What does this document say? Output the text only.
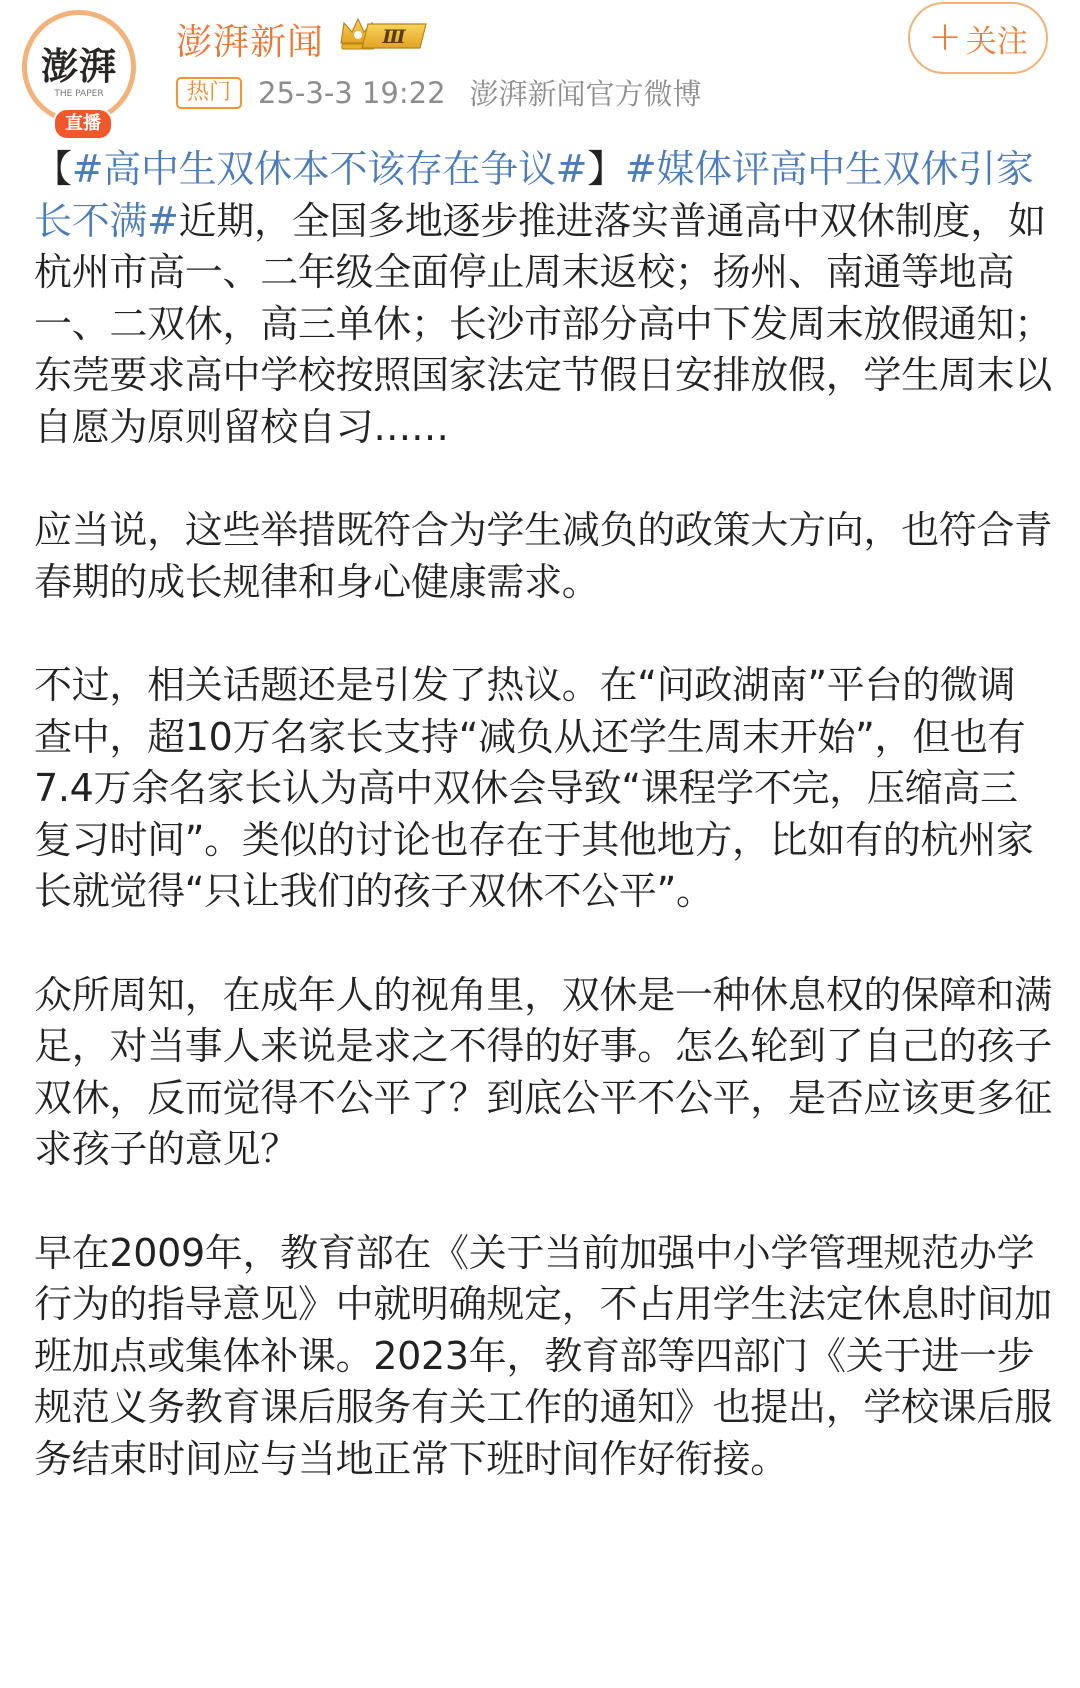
澎湃
THE PAPER
直播
澎湃新闻	Ⅲ
热门 25-3-3 19:22 澎湃新闻官方微博
+ 关注

【#高中生双休本不该存在争议#】#媒体评高中生双休引家长不满#近期，全国多地逐步推进落实普通高中双休制度，如杭州市高一、二年级全面停止周末返校；扬州、南通等地高一、二双休，高三单休；长沙市部分高中下发周末放假通知；东莞要求高中学校按照国家法定节假日安排放假，学生周末以自愿为原则留校自习……

应当说，这些举措既符合为学生减负的政策大方向，也符合青春期的成长规律和身心健康需求。

不过，相关话题还是引发了热议。在“问政湖南”平台的微调查中，超10万名家长支持“减负从还学生周末开始”，但也有7.4万余名家长认为高中双休会导致“课程学不完，压缩高三复习时间”。类似的讨论也存在于其他地方，比如有的杭州家长就觉得“只让我们的孩子双休不公平”。

众所周知，在成年人的视角里，双休是一种休息权的保障和满足，对当事人来说是求之不得的好事。怎么轮到了自己的孩子双休，反而觉得不公平了？到底公平不公平，是否应该更多征求孩子的意见？

早在2009年，教育部在《关于当前加强中小学管理规范办学行为的指导意见》中就明确规定，不占用学生法定休息时间加班加点或集体补课。2023年，教育部等四部门《关于进一步规范义务教育课后服务有关工作的通知》也提出，学校课后服务结束时间应与当地正常下班时间作好衔接。
